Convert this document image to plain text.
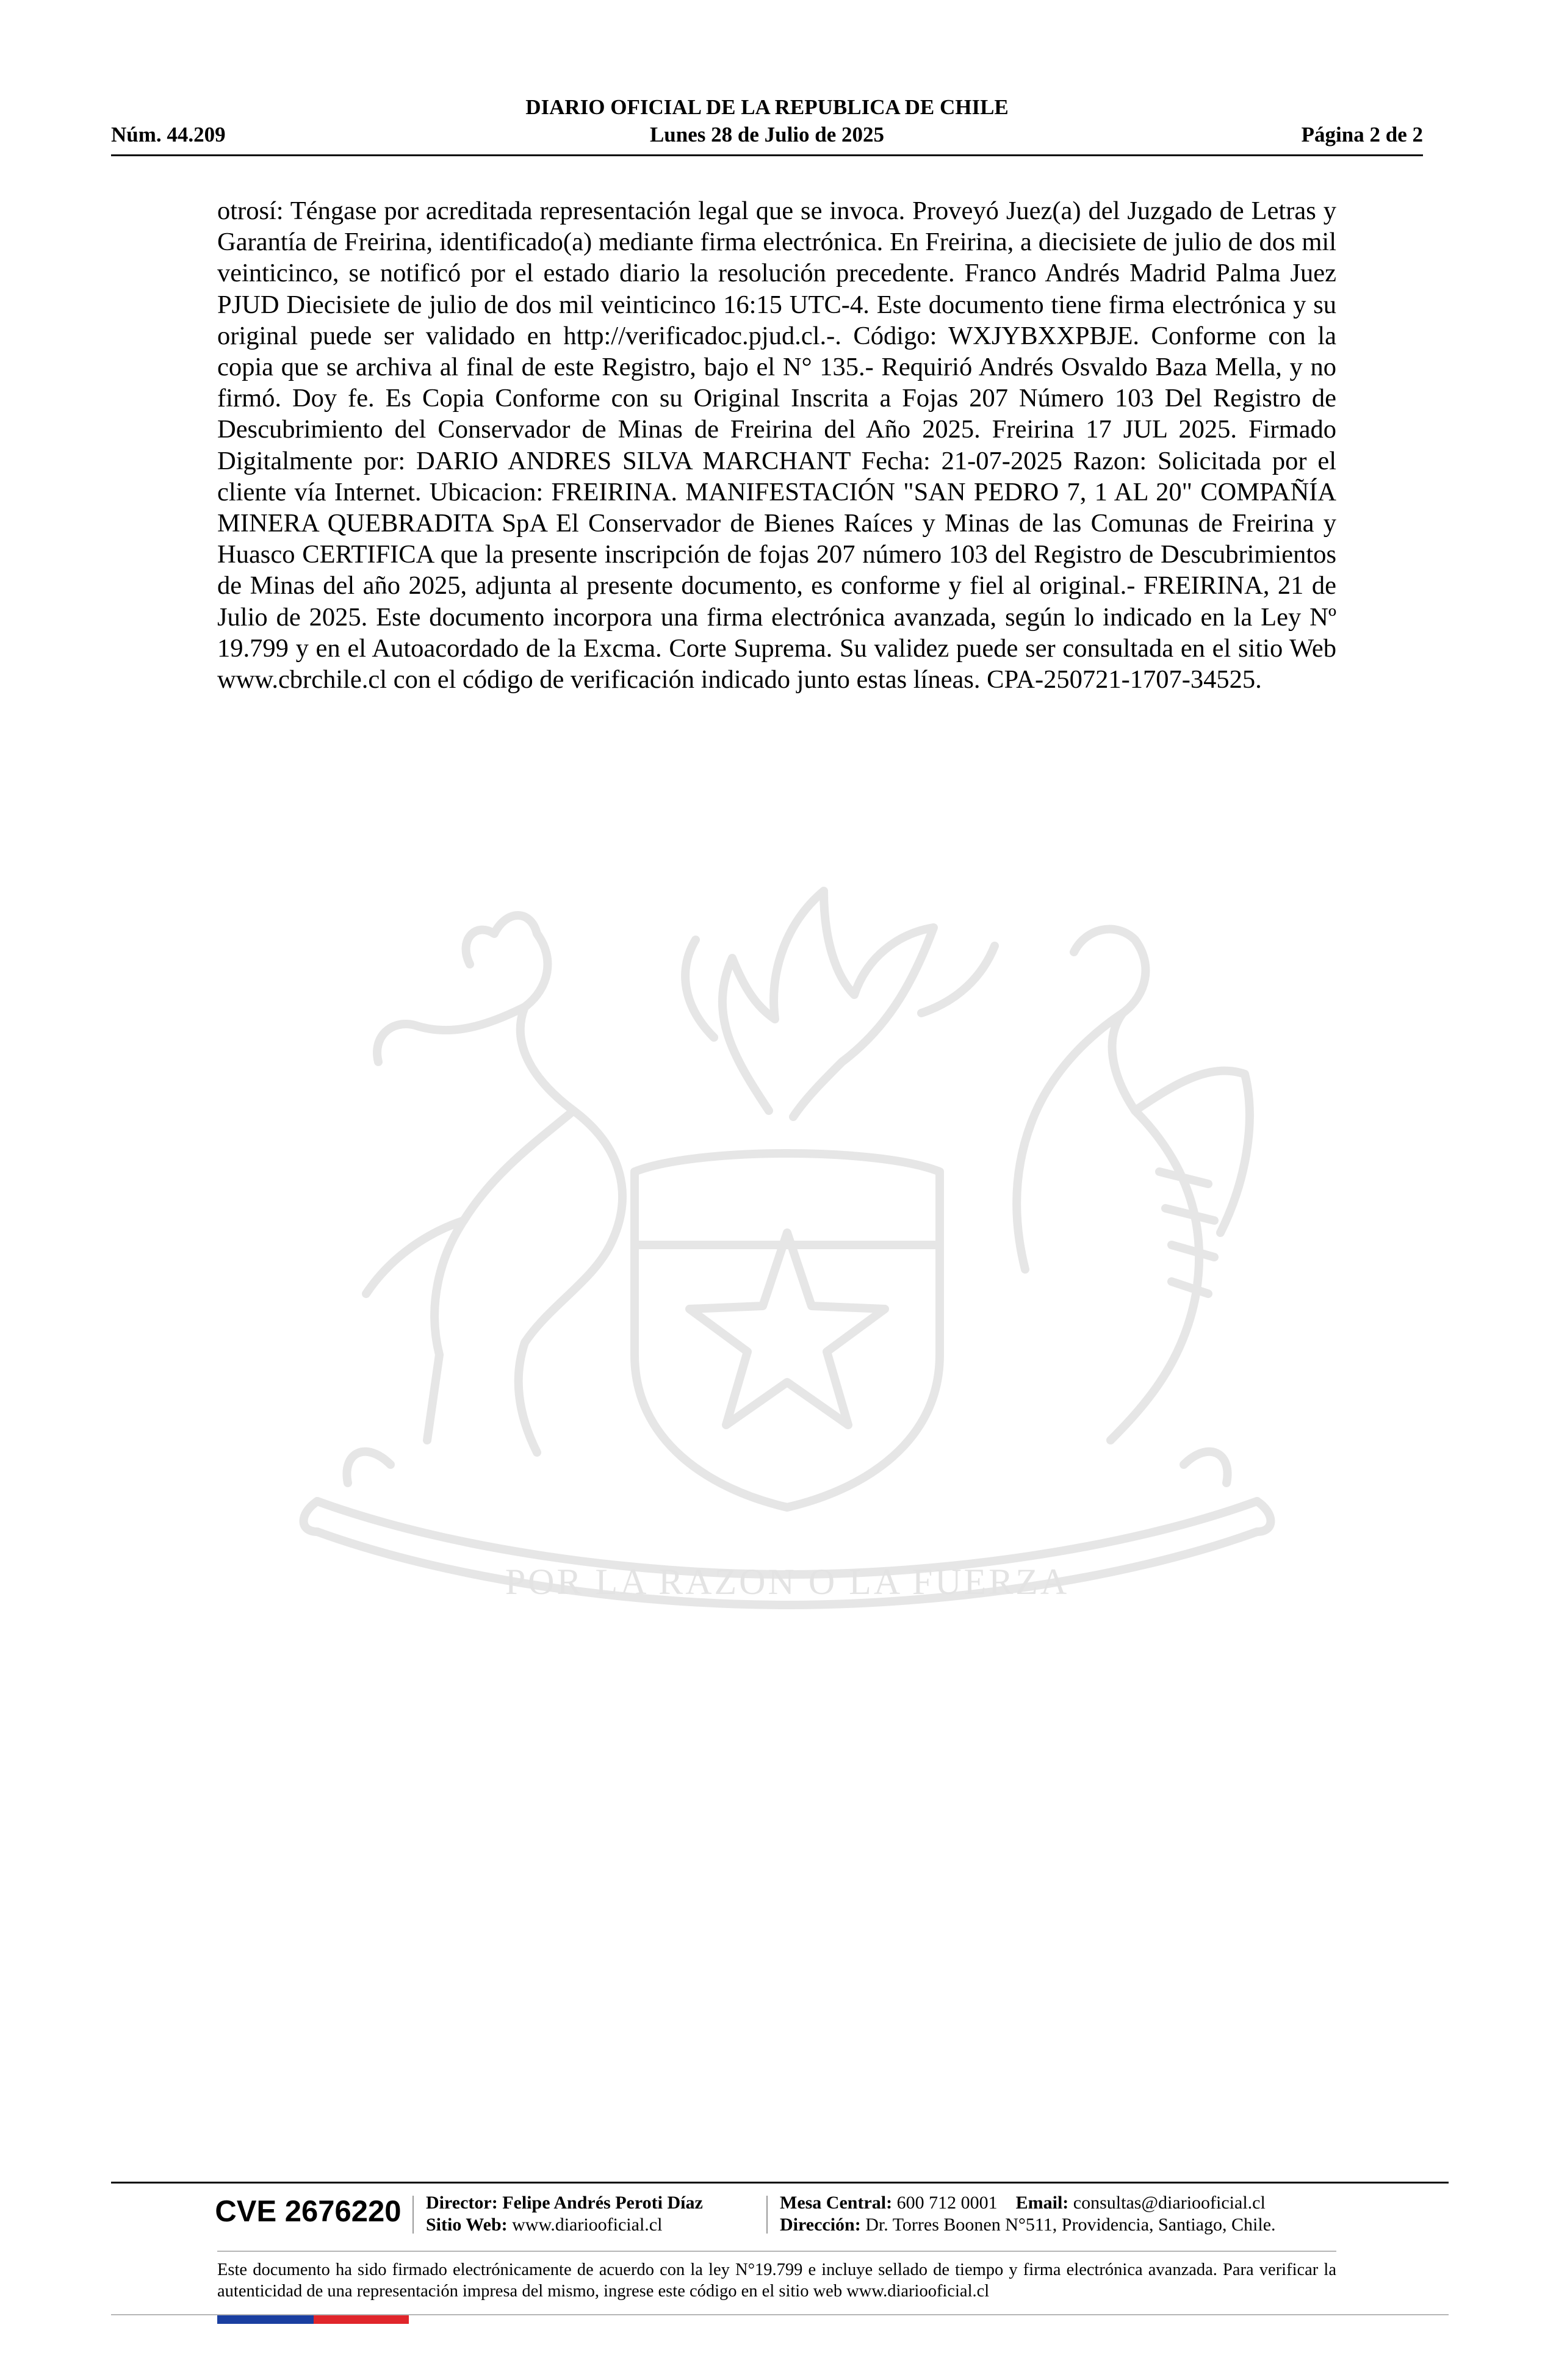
DIARIO OFICIAL DE LA REPUBLICA DE CHILE
Núm. 44.209	Lunes 28 de Julio de 2025	Página 2 de 2
POR LA RAZON O LA FUERZA

otrosí: Téngase por acreditada representación legal que se invoca. Proveyó Juez(a) del Juzgado de Letras y Garantía de Freirina, identificado(a) mediante firma electrónica. En Freirina, a diecisiete de julio de dos mil veinticinco, se notificó por el estado diario la resolución precedente. Franco Andrés Madrid Palma Juez PJUD Diecisiete de julio de dos mil veinticinco 16:15 UTC-4. Este documento tiene firma electrónica y su original puede ser validado en http://verificadoc.pjud.cl.-. Código: WXJYBXXPBJE. Conforme con la copia que se archiva al final de este Registro, bajo el N° 135.- Requirió Andrés Osvaldo Baza Mella, y no firmó. Doy fe. Es Copia Conforme con su Original Inscrita a Fojas 207 Número 103 Del Registro de Descubrimiento del Conservador de Minas de Freirina del Año 2025. Freirina 17 JUL 2025. Firmado Digitalmente por: DARIO ANDRES SILVA MARCHANT Fecha: 21-07-2025 Razon: Solicitada por el cliente vía Internet. Ubicacion: FREIRINA. MANIFESTACIÓN "SAN PEDRO 7, 1 AL 20" COMPAÑÍA MINERA QUEBRADITA SpA El Conservador de Bienes Raíces y Minas de las Comunas de Freirina y Huasco CERTIFICA que la presente inscripción de fojas 207 número 103 del Registro de Descubrimientos de Minas del año 2025, adjunta al presente documento, es conforme y fiel al original.- FREIRINA, 21 de Julio de 2025. Este documento incorpora una firma electrónica avanzada, según lo indicado en la Ley Nº 19.799 y en el Autoacordado de la Excma. Corte Suprema. Su validez puede ser consultada en el sitio Web www.cbrchile.cl con el código de verificación indicado junto estas líneas. CPA-250721-1707-34525.

CVE 2676220	Director: Felipe Andrés Peroti Díaz
Sitio Web: www.diariooficial.cl
Mesa Central: 600 712 0001 Email: consultas@diariooficial.cl
Dirección: Dr. Torres Boonen N°511, Providencia, Santiago, Chile.

Este documento ha sido firmado electrónicamente de acuerdo con la ley N°19.799 e incluye sellado de tiempo y firma electrónica avanzada. Para verificar la autenticidad de una representación impresa del mismo, ingrese este código en el sitio web www.diariooficial.cl
